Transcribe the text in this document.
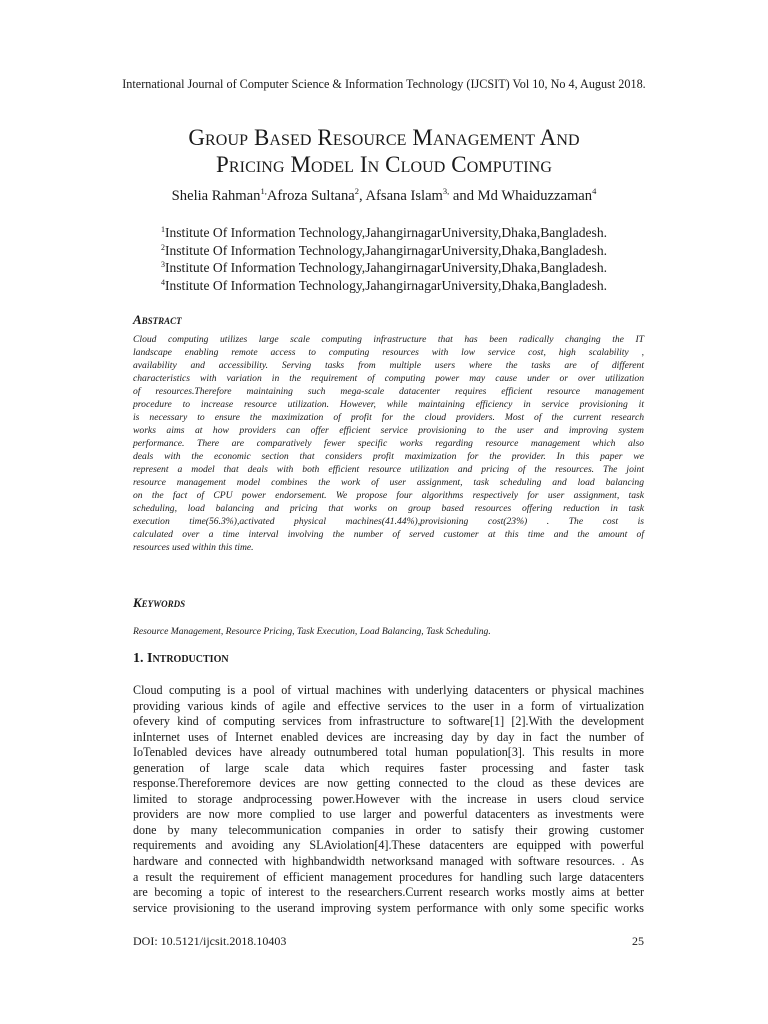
International Journal of Computer Science & Information Technology (IJCSIT) Vol 10, No 4, August 2018.
Group Based Resource Management And
Pricing Model In Cloud Computing
Shelia Rahman$^{1,}$Afroza Sultana$^2$, Afsana Islam$^{3,}$ and Md Whaiduzzaman$^4$
$^1$Institute Of Information Technology,JahangirnagarUniversity,Dhaka,Bangladesh.
$^2$Institute Of Information Technology,JahangirnagarUniversity,Dhaka,Bangladesh.
$^3$Institute Of Information Technology,JahangirnagarUniversity,Dhaka,Bangladesh.
$^4$Institute Of Information Technology,JahangirnagarUniversity,Dhaka,Bangladesh.
Abstract
Cloud computing utilizes large scale computing infrastructure that has been radically changing the IT
landscape enabling remote access to computing resources with low service cost, high scalability ,
availability and accessibility. Serving tasks from multiple users where the tasks are of different
characteristics with variation in the requirement of computing power may cause under or over utilization
of resources.Therefore maintaining such mega-scale datacenter requires efficient resource management
procedure to increase resource utilization. However, while maintaining efficiency in service provisioning it
is necessary to ensure the maximization of profit for the cloud providers. Most of the current research
works aims at how providers can offer efficient service provisioning to the user and improving system
performance. There are comparatively fewer specific works regarding resource management which also
deals with the economic section that considers profit maximization for the provider. In this paper we
represent a model that deals with both efficient resource utilization and pricing of the resources. The joint
resource management model combines the work of user assignment, task scheduling and load balancing
on the fact of CPU power endorsement. We propose four algorithms respectively for user assignment, task
scheduling, load balancing and pricing that works on group based resources offering reduction in task
execution time(56.3%),activated physical machines(41.44%),provisioning cost(23%) . The cost is
calculated over a time interval involving the number of served customer at this time and the amount of
resources used within this time.
Keywords
Resource Management, Resource Pricing, Task Execution, Load Balancing, Task Scheduling.
1. Introduction
Cloud computing is a pool of virtual machines with underlying datacenters or physical machines
providing various kinds of agile and effective services to the user in a form of virtualization
ofevery kind of computing services from infrastructure to software[1] [2].With the development
inInternet uses of Internet enabled devices are increasing day by day in fact the number of
IoTenabled devices have already outnumbered total human population[3]. This results in more
generation of large scale data which requires faster processing and faster task
response.Thereforemore devices are now getting connected to the cloud as these devices are
limited to storage andprocessing power.However with the increase in users cloud service
providers are now more complied to use larger and powerful datacenters as investments were
done by many telecommunication companies in order to satisfy their growing customer
requirements and avoiding any SLAviolation[4].These datacenters are equipped with powerful
hardware and connected with highbandwidth networksand managed with software resources. . As
a result the requirement of efficient management procedures for handling such large datacenters
are becoming a topic of interest to the researchers.Current research works mostly aims at better
service provisioning to the userand improving system performance with only some specific works
DOI: 10.5121/ijcsit.2018.10403	25
